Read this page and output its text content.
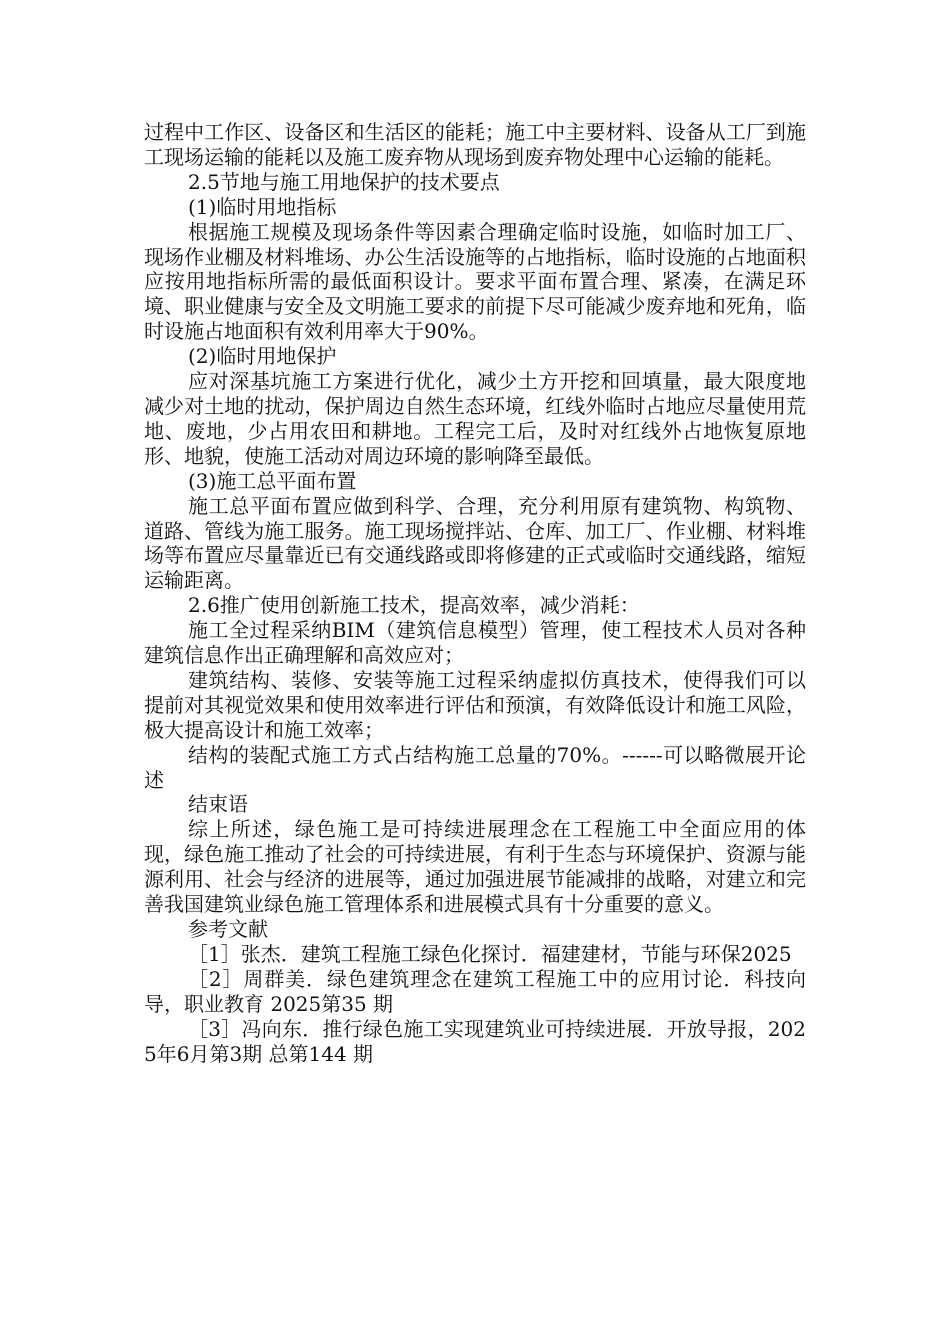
过程中工作区、设备区和生活区的能耗；施工中主要材料、设备从工厂到施工现场运输的能耗以及施工废弃物从现场到废弃物处理中心运输的能耗。

2.5节地与施工用地保护的技术要点

(1)临时用地指标

根据施工规模及现场条件等因素合理确定临时设施，如临时加工厂、现场作业棚及材料堆场、办公生活设施等的占地指标，临时设施的占地面积应按用地指标所需的最低面积设计。要求平面布置合理、紧凑，在满足环境、职业健康与安全及文明施工要求的前提下尽可能减少废弃地和死角，临时设施占地面积有效利用率大于90%。

(2)临时用地保护

应对深基坑施工方案进行优化，减少土方开挖和回填量，最大限度地减少对土地的扰动，保护周边自然生态环境，红线外临时占地应尽量使用荒地、废地，少占用农田和耕地。工程完工后，及时对红线外占地恢复原地形、地貌，使施工活动对周边环境的影响降至最低。

(3)施工总平面布置

施工总平面布置应做到科学、合理，充分利用原有建筑物、构筑物、道路、管线为施工服务。施工现场搅拌站、仓库、加工厂、作业棚、材料堆场等布置应尽量靠近已有交通线路或即将修建的正式或临时交通线路，缩短运输距离。

2.6推广使用创新施工技术，提高效率，减少消耗：

施工全过程采纳BIM（建筑信息模型）管理，使工程技术人员对各种建筑信息作出正确理解和高效应对；

建筑结构、装修、安装等施工过程采纳虚拟仿真技术，使得我们可以提前对其视觉效果和使用效率进行评估和预演，有效降低设计和施工风险，极大提高设计和施工效率；

结构的装配式施工方式占结构施工总量的70%。------可以略微展开论述

结束语

综上所述，绿色施工是可持续进展理念在工程施工中全面应用的体现，绿色施工推动了社会的可持续进展，有利于生态与环境保护、资源与能源利用、社会与经济的进展等，通过加强进展节能减排的战略，对建立和完善我国建筑业绿色施工管理体系和进展模式具有十分重要的意义。

参考文献

［1］张杰．建筑工程施工绿色化探讨．福建建材，节能与环保2025

［2］周群美．绿色建筑理念在建筑工程施工中的应用讨论．科技向导，职业教育 2025第35 期

［3］冯向东．推行绿色施工实现建筑业可持续进展．开放导报，2025年6月第3期 总第144 期
